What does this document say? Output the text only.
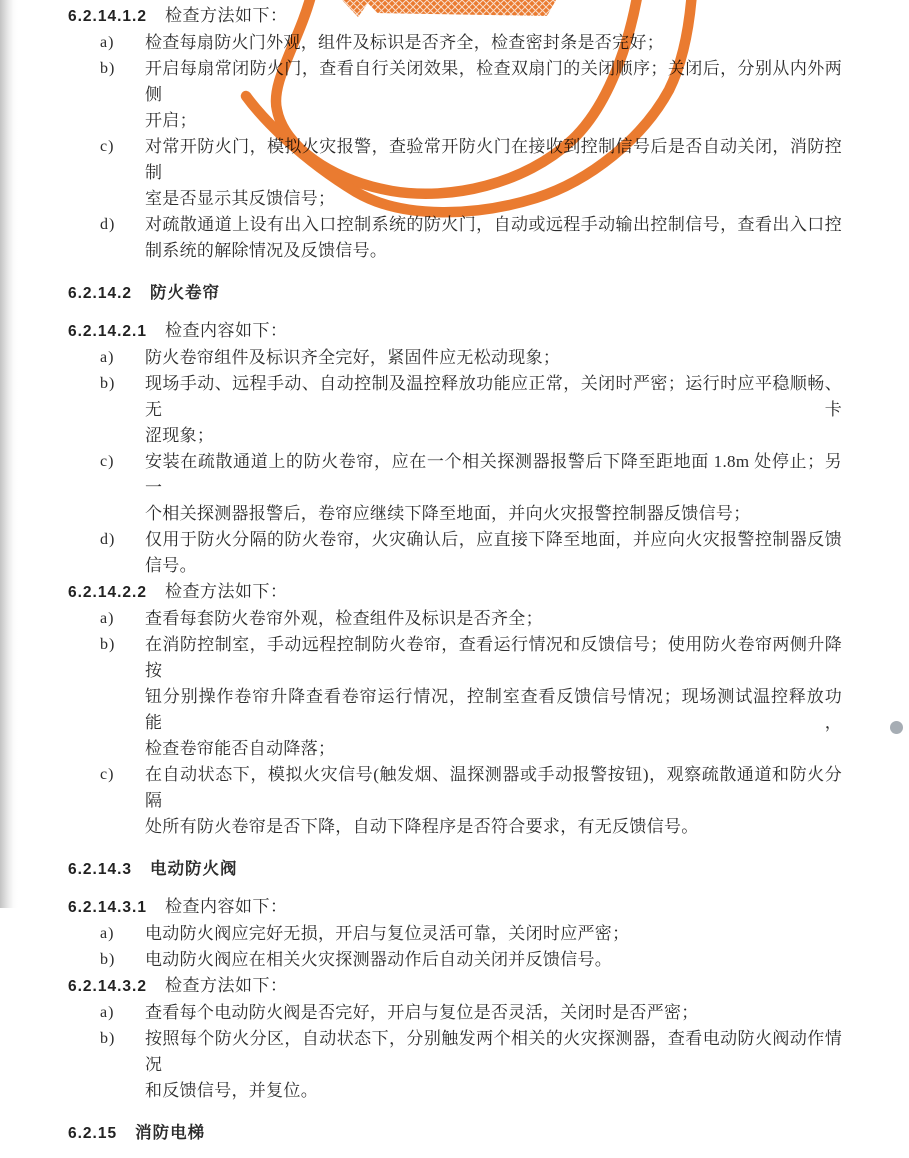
6.2.14.1.2 检查方法如下：
a) 检查每扇防火门外观，组件及标识是否齐全，检查密封条是否完好；
b) 开启每扇常闭防火门，查看自行关闭效果，检查双扇门的关闭顺序；关闭后，分别从内外两侧
开启；
c) 对常开防火门，模拟火灾报警，查验常开防火门在接收到控制信号后是否自动关闭，消防控制
室是否显示其反馈信号；
d) 对疏散通道上设有出入口控制系统的防火门，自动或远程手动输出控制信号，查看出入口控
制系统的解除情况及反馈信号。
6.2.14.2 防火卷帘
6.2.14.2.1 检查内容如下：
a) 防火卷帘组件及标识齐全完好，紧固件应无松动现象；
b) 现场手动、远程手动、自动控制及温控释放功能应正常，关闭时严密；运行时应平稳顺畅、无卡
涩现象；
c) 安装在疏散通道上的防火卷帘，应在一个相关探测器报警后下降至距地面 1.8m 处停止；另一
个相关探测器报警后，卷帘应继续下降至地面，并向火灾报警控制器反馈信号；
d) 仅用于防火分隔的防火卷帘，火灾确认后，应直接下降至地面，并应向火灾报警控制器反馈信号。
6.2.14.2.2 检查方法如下：
a) 查看每套防火卷帘外观，检查组件及标识是否齐全；
b) 在消防控制室，手动远程控制防火卷帘，查看运行情况和反馈信号；使用防火卷帘两侧升降按
钮分别操作卷帘升降查看卷帘运行情况，控制室查看反馈信号情况；现场测试温控释放功能，
检查卷帘能否自动降落；
c) 在自动状态下，模拟火灾信号(触发烟、温探测器或手动报警按钮)，观察疏散通道和防火分隔
处所有防火卷帘是否下降，自动下降程序是否符合要求，有无反馈信号。
6.2.14.3 电动防火阀
6.2.14.3.1 检查内容如下：
a) 电动防火阀应完好无损，开启与复位灵活可靠，关闭时应严密；
b) 电动防火阀应在相关火灾探测器动作后自动关闭并反馈信号。
6.2.14.3.2 检查方法如下：
a) 查看每个电动防火阀是否完好，开启与复位是否灵活，关闭时是否严密；
b) 按照每个防火分区，自动状态下，分别触发两个相关的火灾探测器，查看电动防火阀动作情况
和反馈信号，并复位。
6.2.15 消防电梯
